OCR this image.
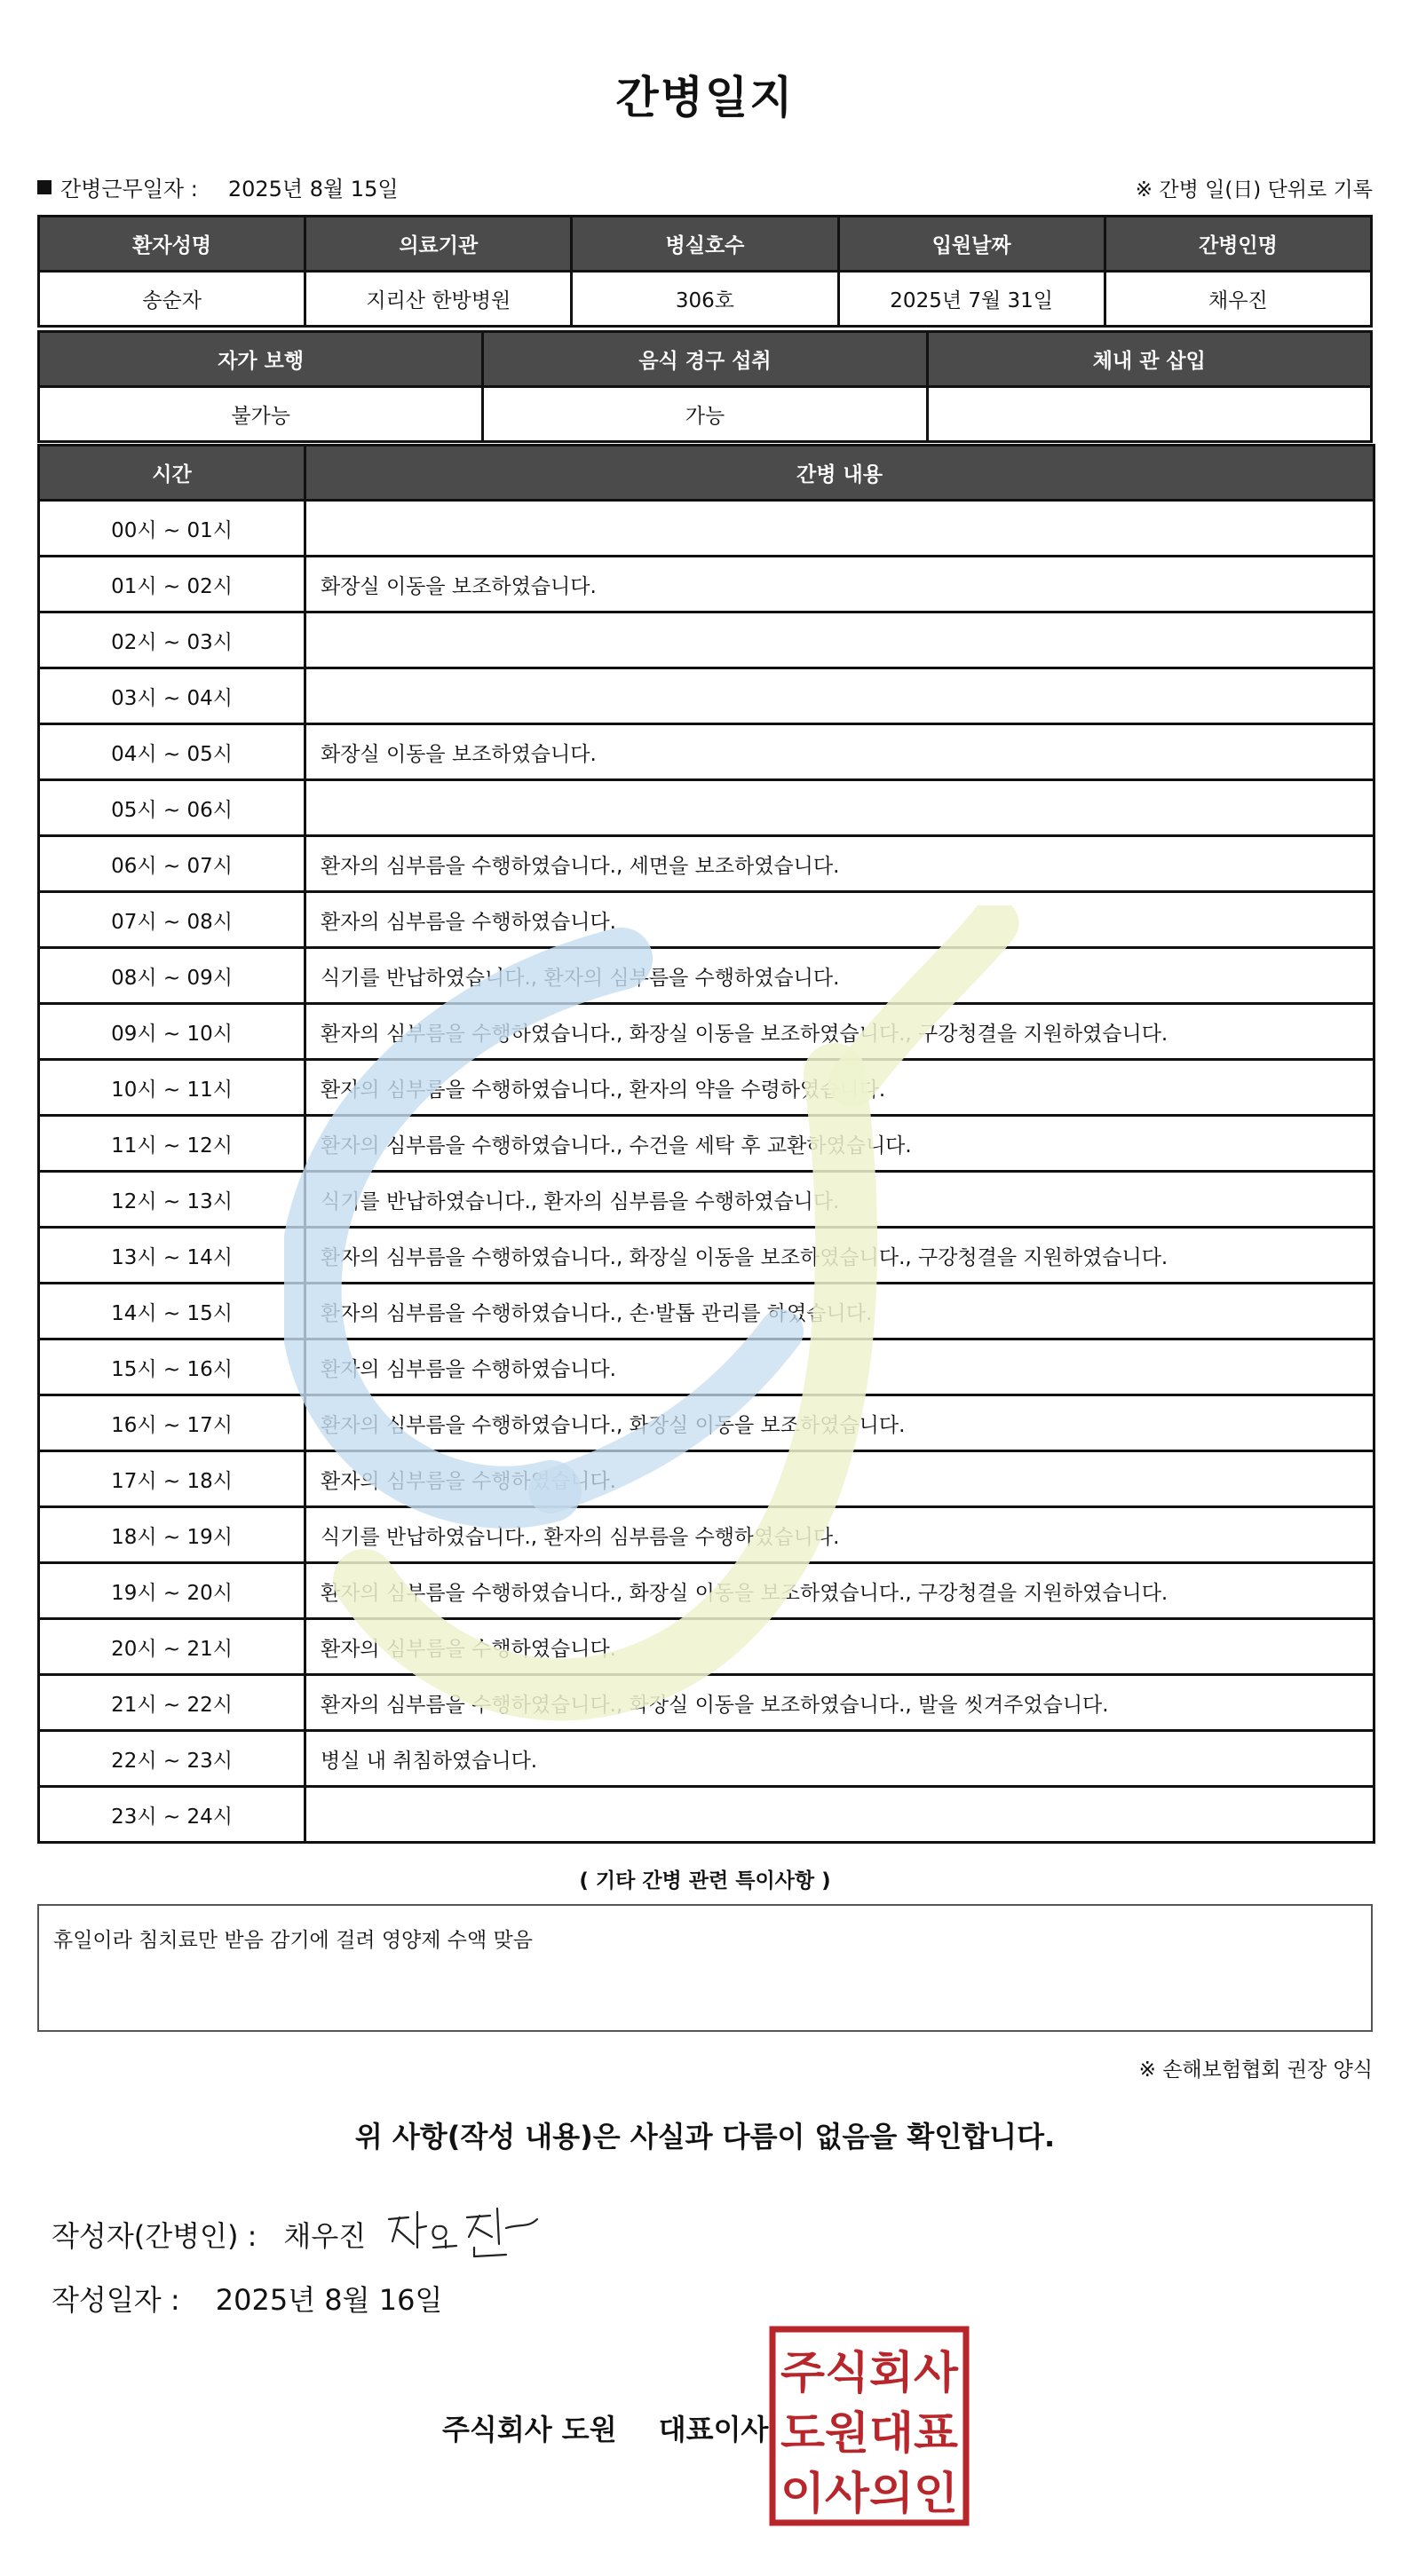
간병일지
간병근무일자 : 2025년 8월 15일	※ 간병 일(日) 단위로 기록
환자성명	의료기관	병실호수	입원날짜	간병인명
송순자	지리산 한방병원	306호	2025년 7월 31일	채우진
자가 보행	음식 경구 섭취	체내 관 삽입
불가능	가능	
시간	간병 내용
00시 ~ 01시	
01시 ~ 02시	화장실 이동을 보조하였습니다.
02시 ~ 03시	
03시 ~ 04시	
04시 ~ 05시	화장실 이동을 보조하였습니다.
05시 ~ 06시	
06시 ~ 07시	환자의 심부름을 수행하였습니다., 세면을 보조하였습니다.
07시 ~ 08시	환자의 심부름을 수행하였습니다.
08시 ~ 09시	식기를 반납하였습니다., 환자의 심부름을 수행하였습니다.
09시 ~ 10시	환자의 심부름을 수행하였습니다., 화장실 이동을 보조하였습니다., 구강청결을 지원하였습니다.
10시 ~ 11시	환자의 심부름을 수행하였습니다., 환자의 약을 수령하였습니다.
11시 ~ 12시	환자의 심부름을 수행하였습니다., 수건을 세탁 후 교환하였습니다.
12시 ~ 13시	식기를 반납하였습니다., 환자의 심부름을 수행하였습니다.
13시 ~ 14시	환자의 심부름을 수행하였습니다., 화장실 이동을 보조하였습니다., 구강청결을 지원하였습니다.
14시 ~ 15시	환자의 심부름을 수행하였습니다., 손·발톱 관리를 하였습니다.
15시 ~ 16시	환자의 심부름을 수행하였습니다.
16시 ~ 17시	환자의 심부름을 수행하였습니다., 화장실 이동을 보조하였습니다.
17시 ~ 18시	환자의 심부름을 수행하였습니다.
18시 ~ 19시	식기를 반납하였습니다., 환자의 심부름을 수행하였습니다.
19시 ~ 20시	환자의 심부름을 수행하였습니다., 화장실 이동을 보조하였습니다., 구강청결을 지원하였습니다.
20시 ~ 21시	환자의 심부름을 수행하였습니다.
21시 ~ 22시	환자의 심부름을 수행하였습니다., 화장실 이동을 보조하였습니다., 발을 씻겨주었습니다.
22시 ~ 23시	병실 내 취침하였습니다.
23시 ~ 24시	
( 기타 간병 관련 특이사항 )
휴일이라 침치료만 받음 감기에 걸려 영양제 수액 맞음
※ 손해보험협회 권장 양식
위 사항(작성 내용)은 사실과 다름이 없음을 확인합니다.
작성자(간병인) : 채우진
작성일자 : 2025년 8월 16일
주식회사 도원 대표이사
주식회사
도원대표
이사의인
